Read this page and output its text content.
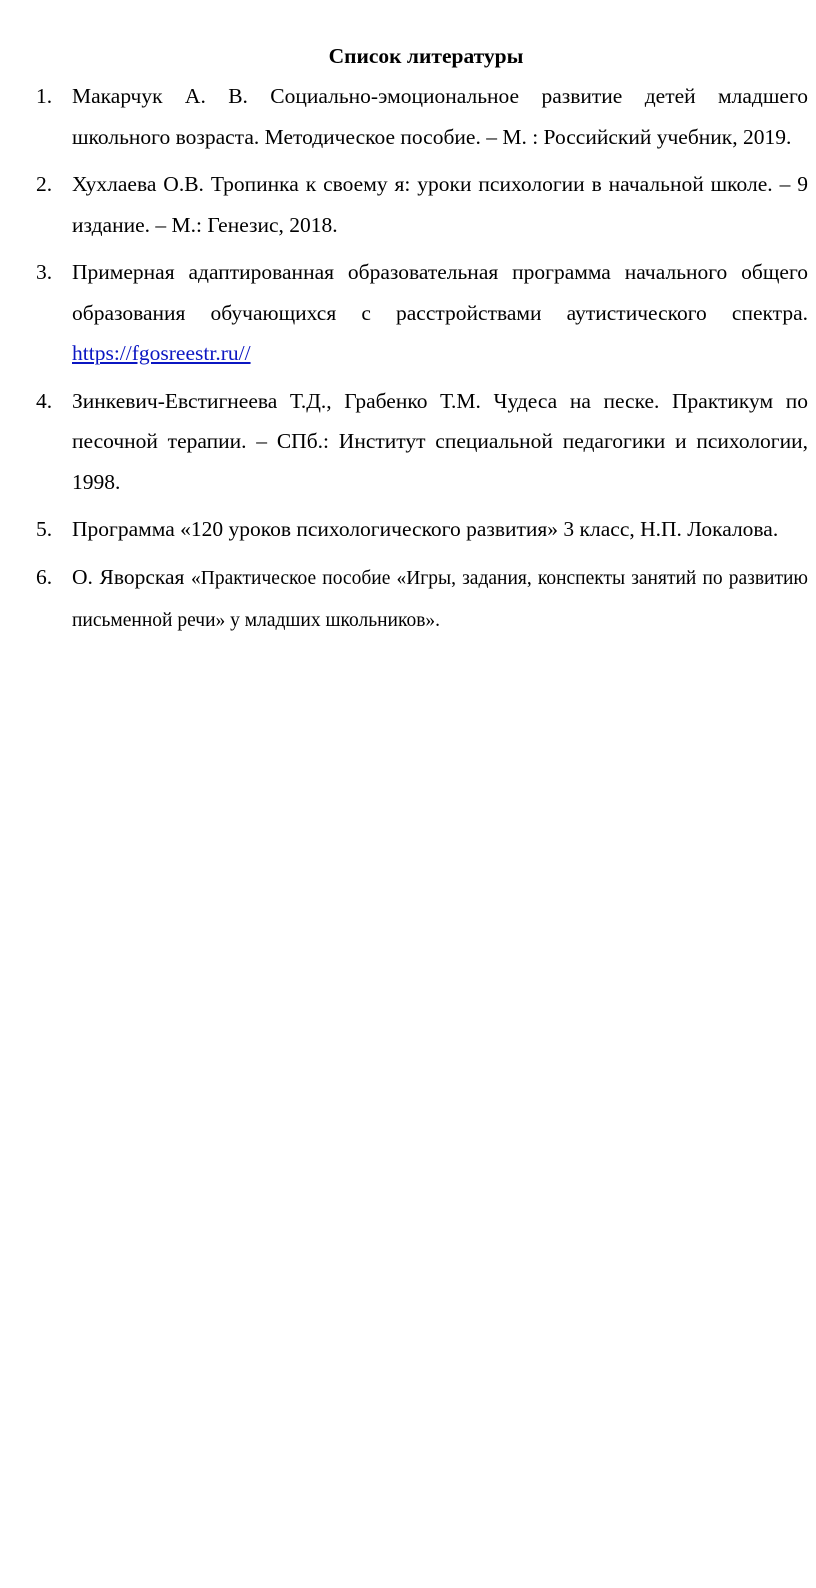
Список литературы
1. Макарчук А. В. Социально-эмоциональное развитие детей младшего школьного возраста. Методическое пособие. – М. : Российский учебник, 2019.
2. Хухлаева О.В. Тропинка к своему я: уроки психологии в начальной школе. – 9 издание. – М.: Генезис, 2018.
3. Примерная адаптированная образовательная программа начального общего образования обучающихся с расстройствами аутистического спектра. https://fgosreestr.ru//
4. Зинкевич-Евстигнеева Т.Д., Грабенко Т.М. Чудеса на песке. Практикум по песочной терапии. – СПб.: Институт специальной педагогики и психологии, 1998.
5. Программа «120 уроков психологического развития» 3 класс, Н.П. Локалова.
6. О. Яворская «Практическое пособие «Игры, задания, конспекты занятий по развитию письменной речи» у младших школьников».
